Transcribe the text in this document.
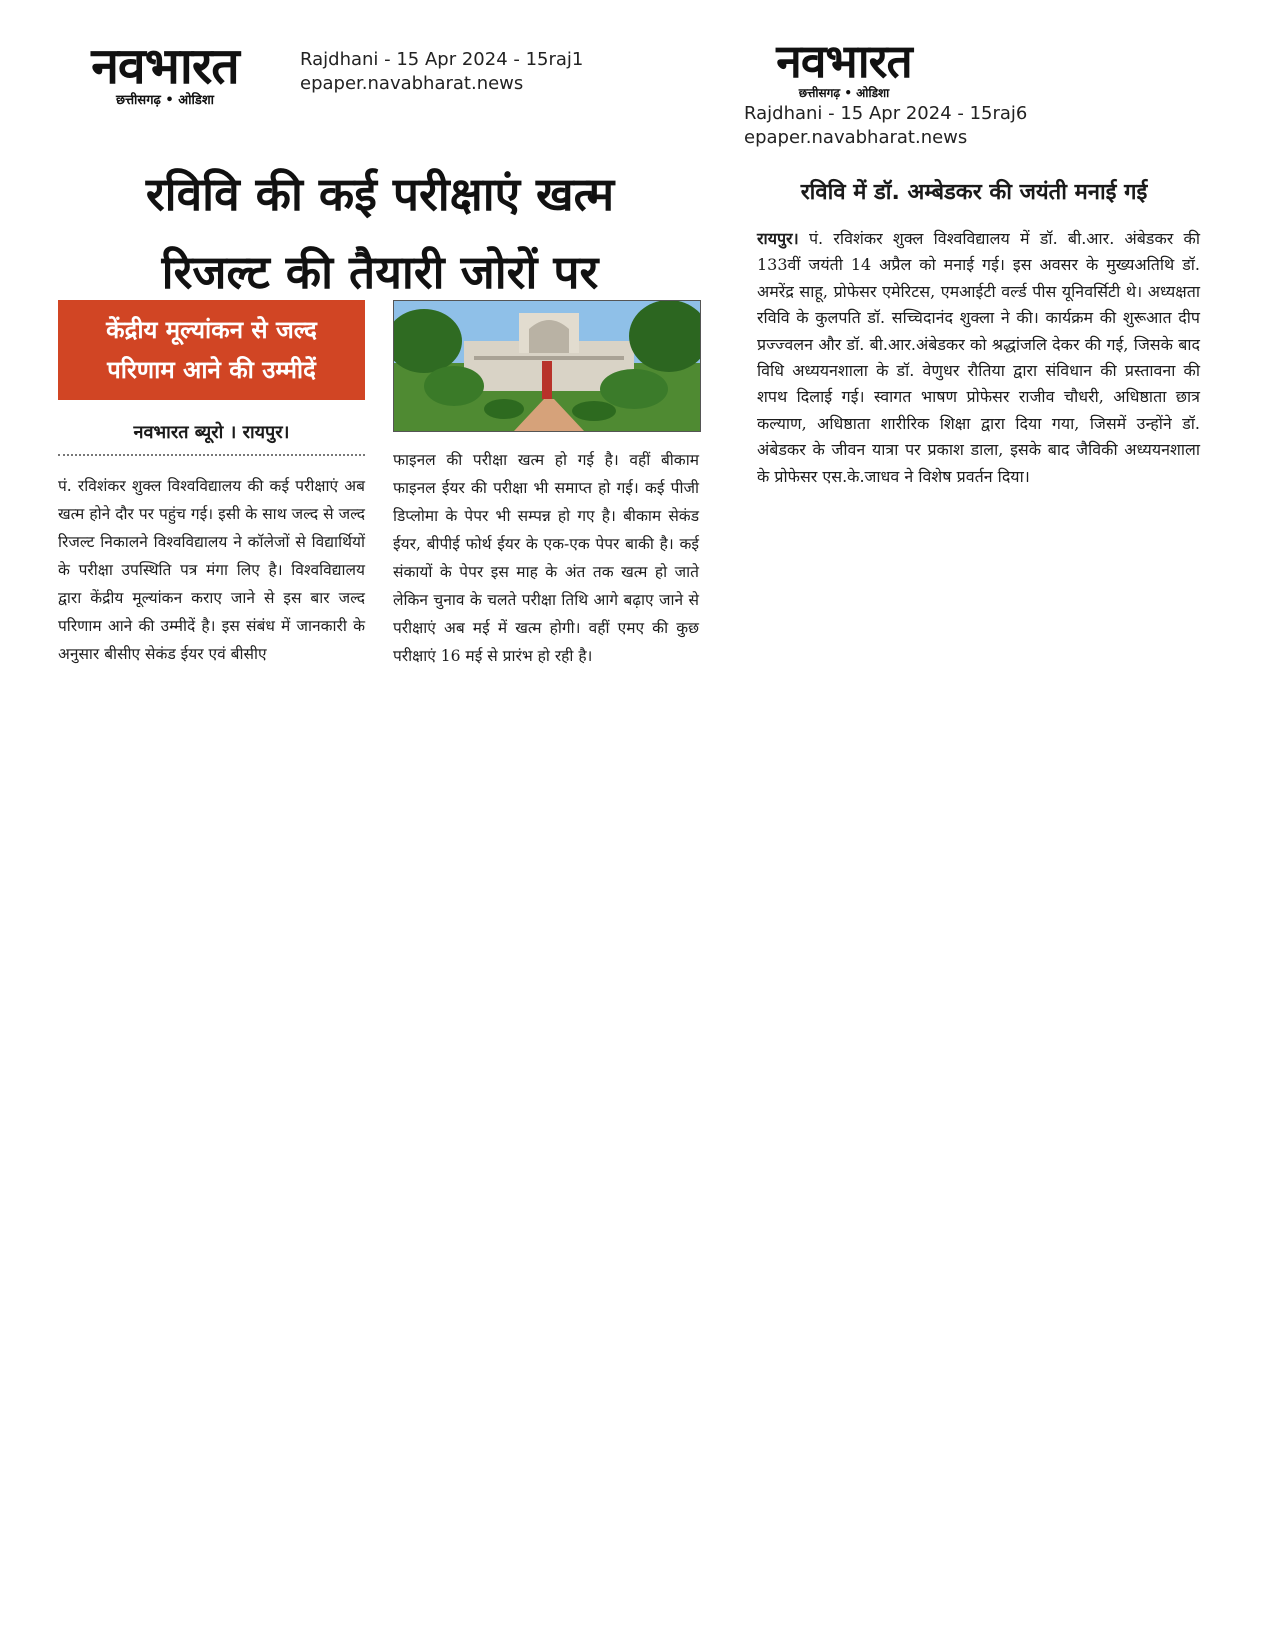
नवभारत
छत्तीसगढ़ • ओडिशा
Rajdhani - 15 Apr 2024 - 15raj1
epaper.navabharat.news	नवभारत
छत्तीसगढ़ • ओडिशा
Rajdhani - 15 Apr 2024 - 15raj6
epaper.navabharat.news
रविवि की कई परीक्षाएं खत्म
रिजल्ट की तैयारी जोरों पर
केंद्रीय मूल्यांकन से जल्द
परिणाम आने की उम्मीदें
नवभारत ब्यूरो । रायपुर।
पं. रविशंकर शुक्ल विश्वविद्यालय की कई परीक्षाएं अब खत्म होने दौर पर पहुंच गई। इसी के साथ जल्द से जल्द रिजल्ट निकालने विश्वविद्यालय ने कॉलेजों से विद्यार्थियों के परीक्षा उपस्थिति पत्र मंगा लिए है। विश्वविद्यालय द्वारा केंद्रीय मूल्यांकन कराए जाने से इस बार जल्द परिणाम आने की उम्मीदें है। इस संबंध में जानकारी के अनुसार बीसीए सेकंड ईयर एवं बीसीए
फाइनल की परीक्षा खत्म हो गई है। वहीं बीकाम फाइनल ईयर की परीक्षा भी समाप्त हो गई। कई पीजी डिप्लोमा के पेपर भी सम्पन्न हो गए है। बीकाम सेकंड ईयर, बीपीई फोर्थ ईयर के एक-एक पेपर बाकी है। कई संकायों के पेपर इस माह के अंत तक खत्म हो जाते लेकिन चुनाव के चलते परीक्षा तिथि आगे बढ़ाए जाने से परीक्षाएं अब मई में खत्म होगी। वहीं एमए की कुछ परीक्षाएं 16 मई से प्रारंभ हो रही है।
रविवि में डॉ. अम्बेडकर की जयंती मनाई गई
रायपुर। पं. रविशंकर शुक्ल विश्वविद्यालय में डॉ. बी.आर. अंबेडकर की 133वीं जयंती 14 अप्रैल को मनाई गई। इस अवसर के मुख्यअतिथि डॉ. अमरेंद्र साहू, प्रोफेसर एमेरिटस, एमआईटी वर्ल्ड पीस यूनिवर्सिटी थे। अध्यक्षता रविवि के कुलपति डॉ. सच्चिदानंद शुक्ला ने की। कार्यक्रम की शुरूआत दीप प्रज्ज्वलन और डॉ. बी.आर.अंबेडकर को श्रद्धांजलि देकर की गई, जिसके बाद विधि अध्ययनशाला के डॉ. वेणुधर रौतिया द्वारा संविधान की प्रस्तावना की शपथ दिलाई गई। स्वागत भाषण प्रोफेसर राजीव चौधरी, अधिष्ठाता छात्र कल्याण, अधिष्ठाता शारीरिक शिक्षा द्वारा दिया गया, जिसमें उन्होंने डॉ. अंबेडकर के जीवन यात्रा पर प्रकाश डाला, इसके बाद जैविकी अध्ययनशाला के प्रोफेसर एस.के.जाधव ने विशेष प्रवर्तन दिया।
